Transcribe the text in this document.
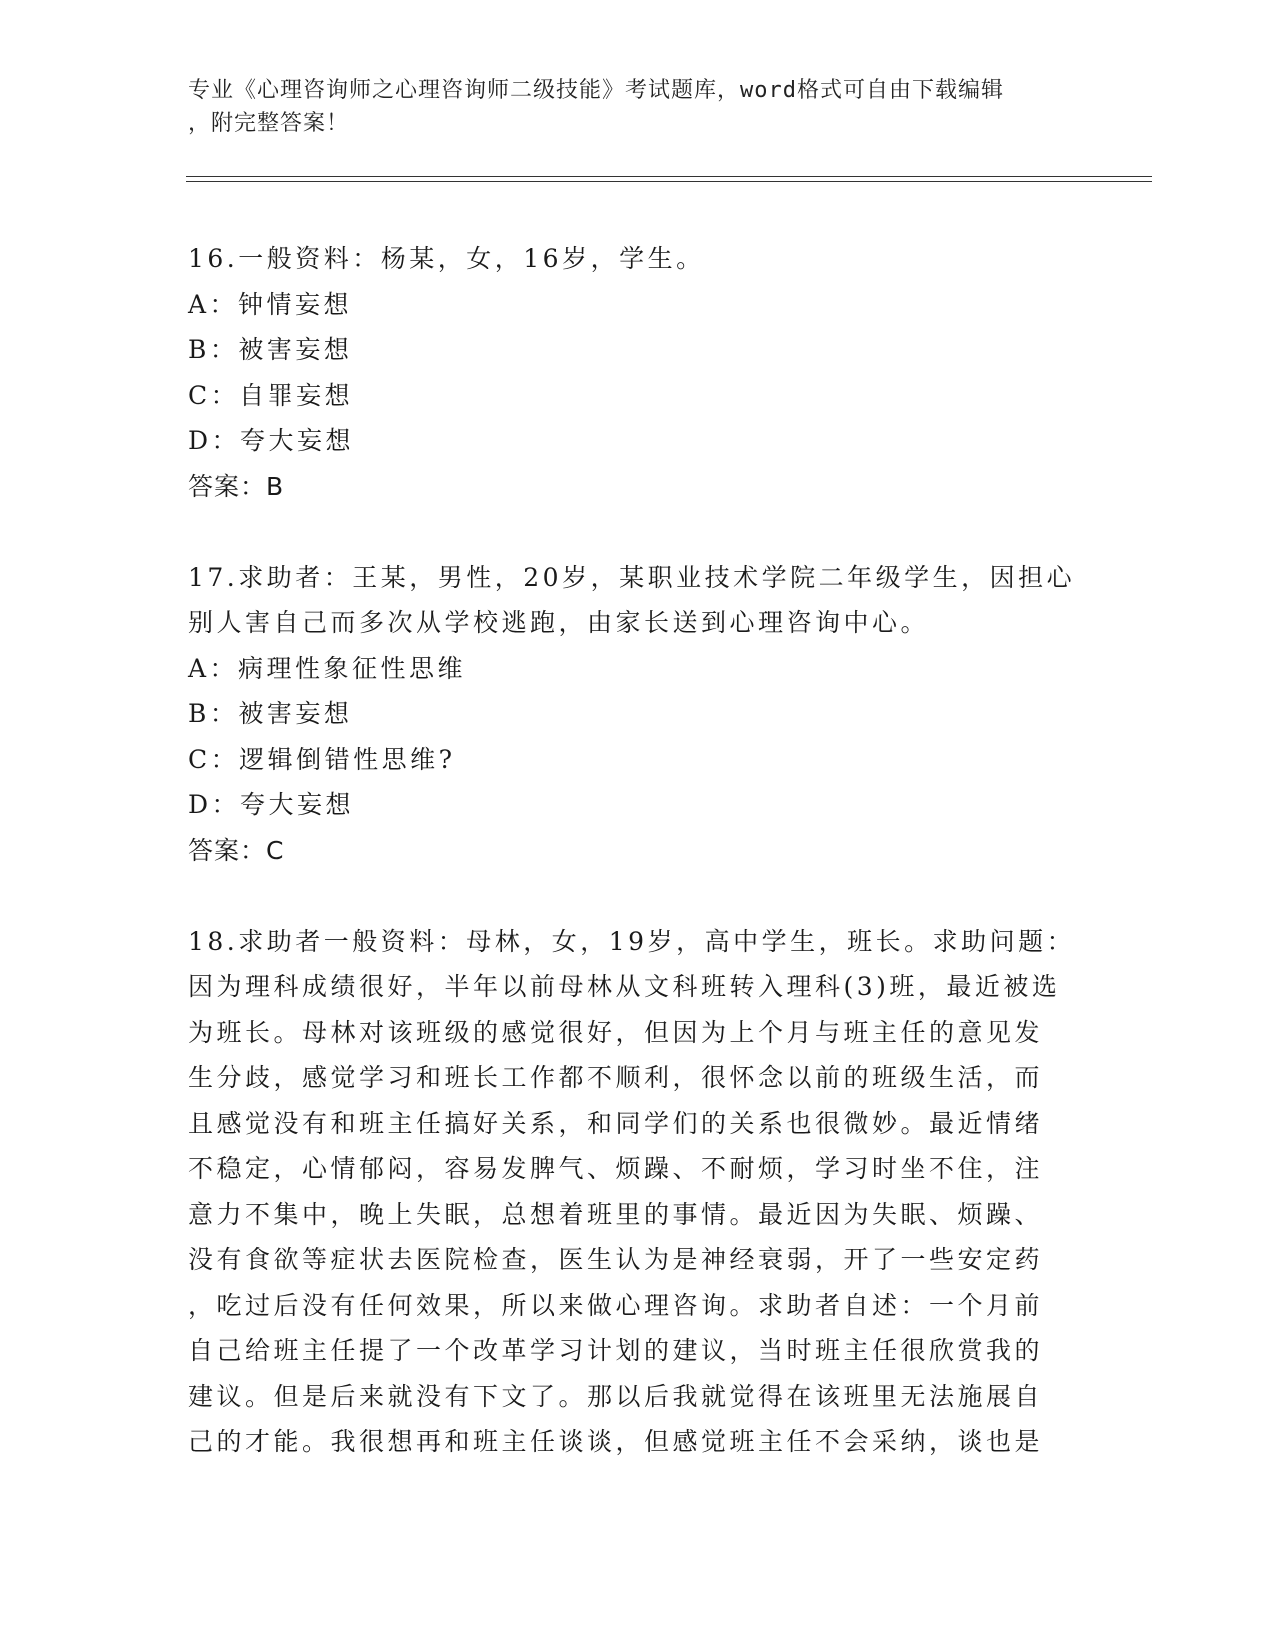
专业《心理咨询师之心理咨询师二级技能》考试题库，word格式可自由下载编辑
，附完整答案！

16.一般资料：杨某，女，16岁，学生。

A：钟情妄想

B：被害妄想

C：自罪妄想

D：夸大妄想

答案：B

17.求助者：王某，男性，20岁，某职业技术学院二年级学生，因担心

别人害自己而多次从学校逃跑，由家长送到心理咨询中心。

A：病理性象征性思维

B：被害妄想

C：逻辑倒错性思维?

D：夸大妄想

答案：C

18.求助者一般资料：母林，女，19岁，高中学生，班长。求助问题：

因为理科成绩很好，半年以前母林从文科班转入理科(3)班，最近被选

为班长。母林对该班级的感觉很好，但因为上个月与班主任的意见发

生分歧，感觉学习和班长工作都不顺利，很怀念以前的班级生活，而

且感觉没有和班主任搞好关系，和同学们的关系也很微妙。最近情绪

不稳定，心情郁闷，容易发脾气、烦躁、不耐烦，学习时坐不住，注

意力不集中，晚上失眠，总想着班里的事情。最近因为失眠、烦躁、

没有食欲等症状去医院检查，医生认为是神经衰弱，开了一些安定药

，吃过后没有任何效果，所以来做心理咨询。求助者自述：一个月前

自己给班主任提了一个改革学习计划的建议，当时班主任很欣赏我的

建议。但是后来就没有下文了。那以后我就觉得在该班里无法施展自

己的才能。我很想再和班主任谈谈，但感觉班主任不会采纳，谈也是
